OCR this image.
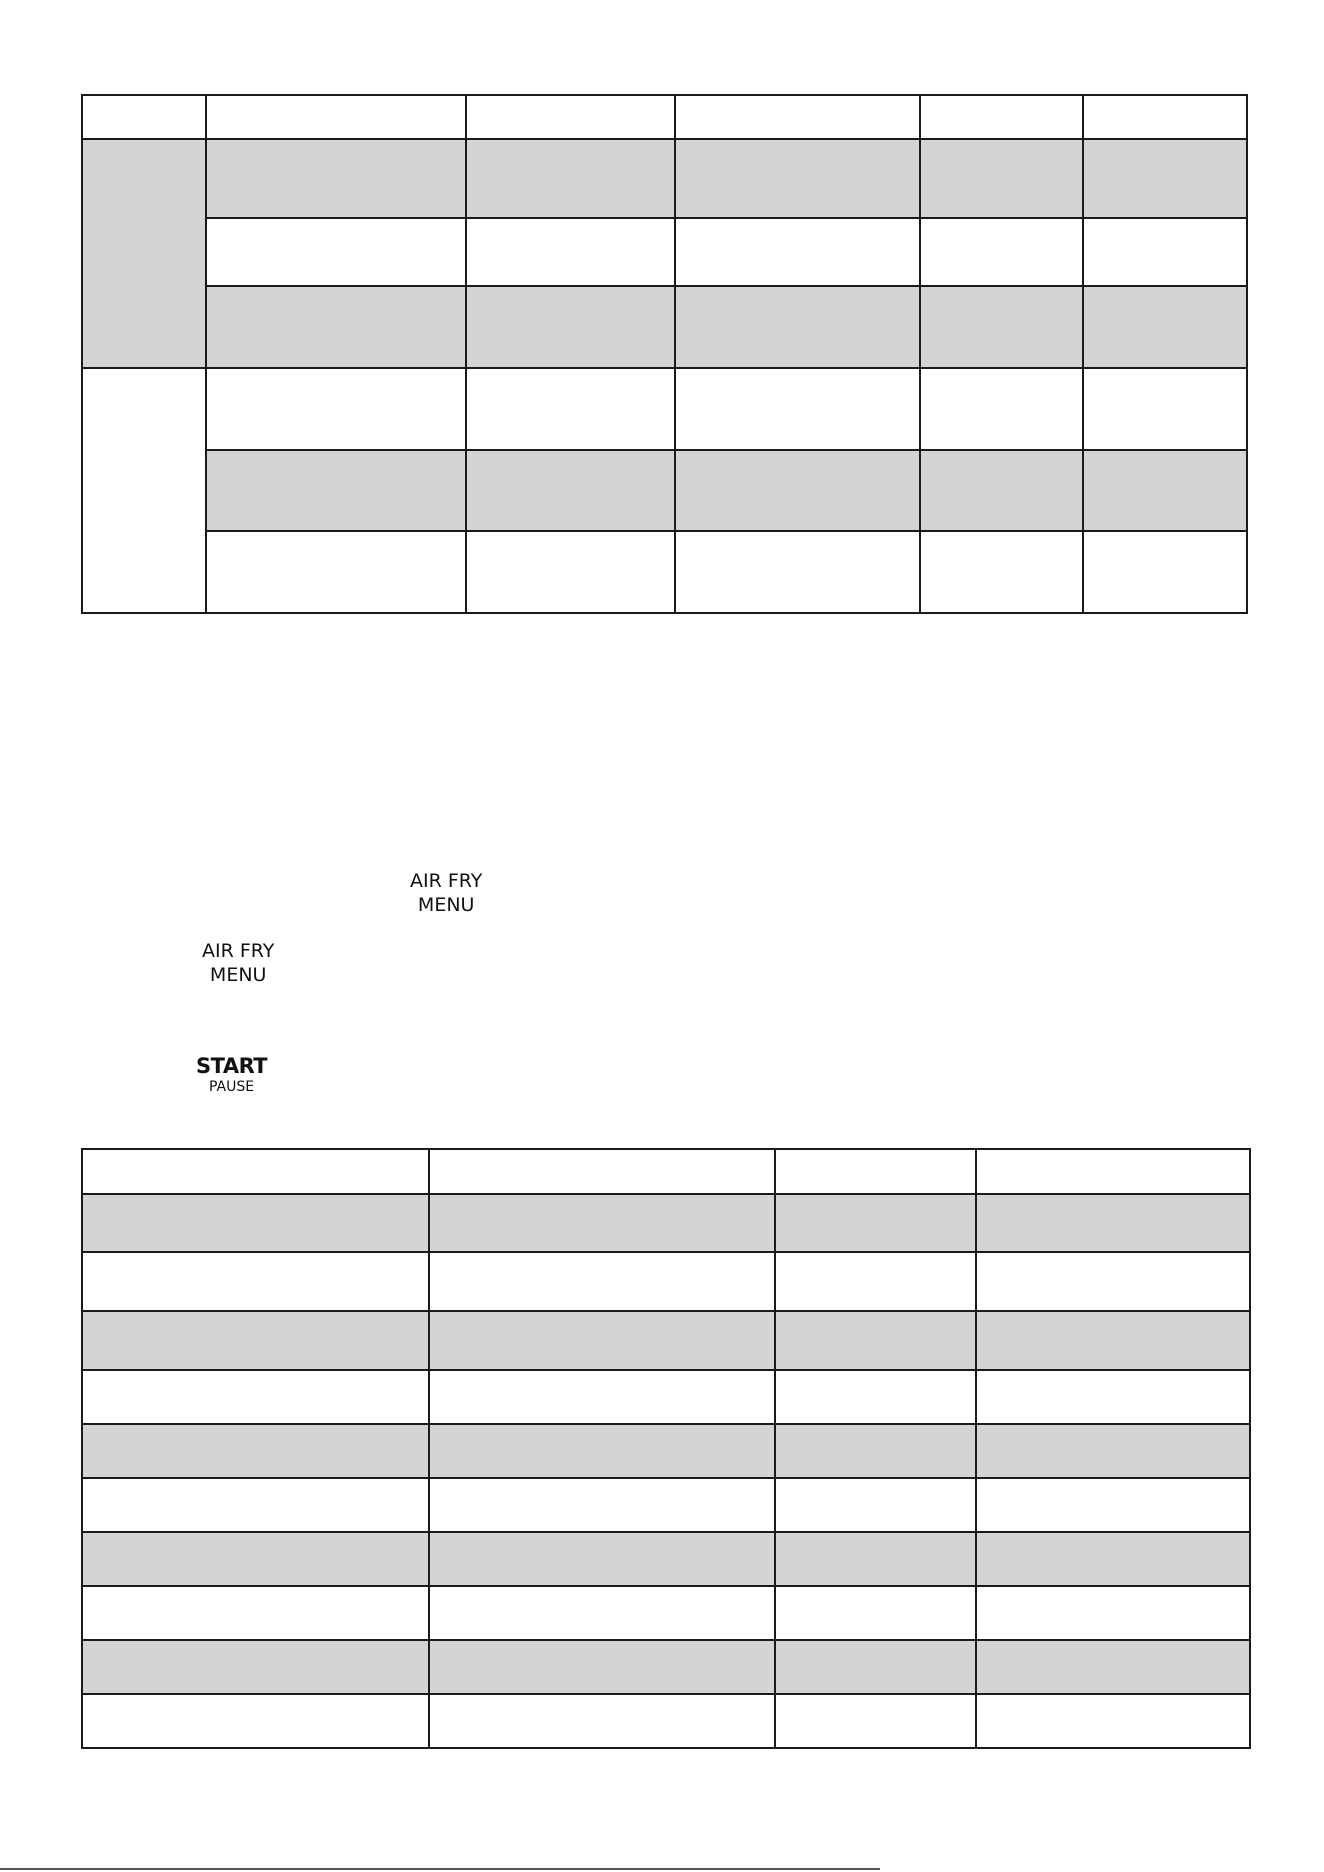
AIR FRY
MENU
AIR FRY
MENU
START
PAUSE
